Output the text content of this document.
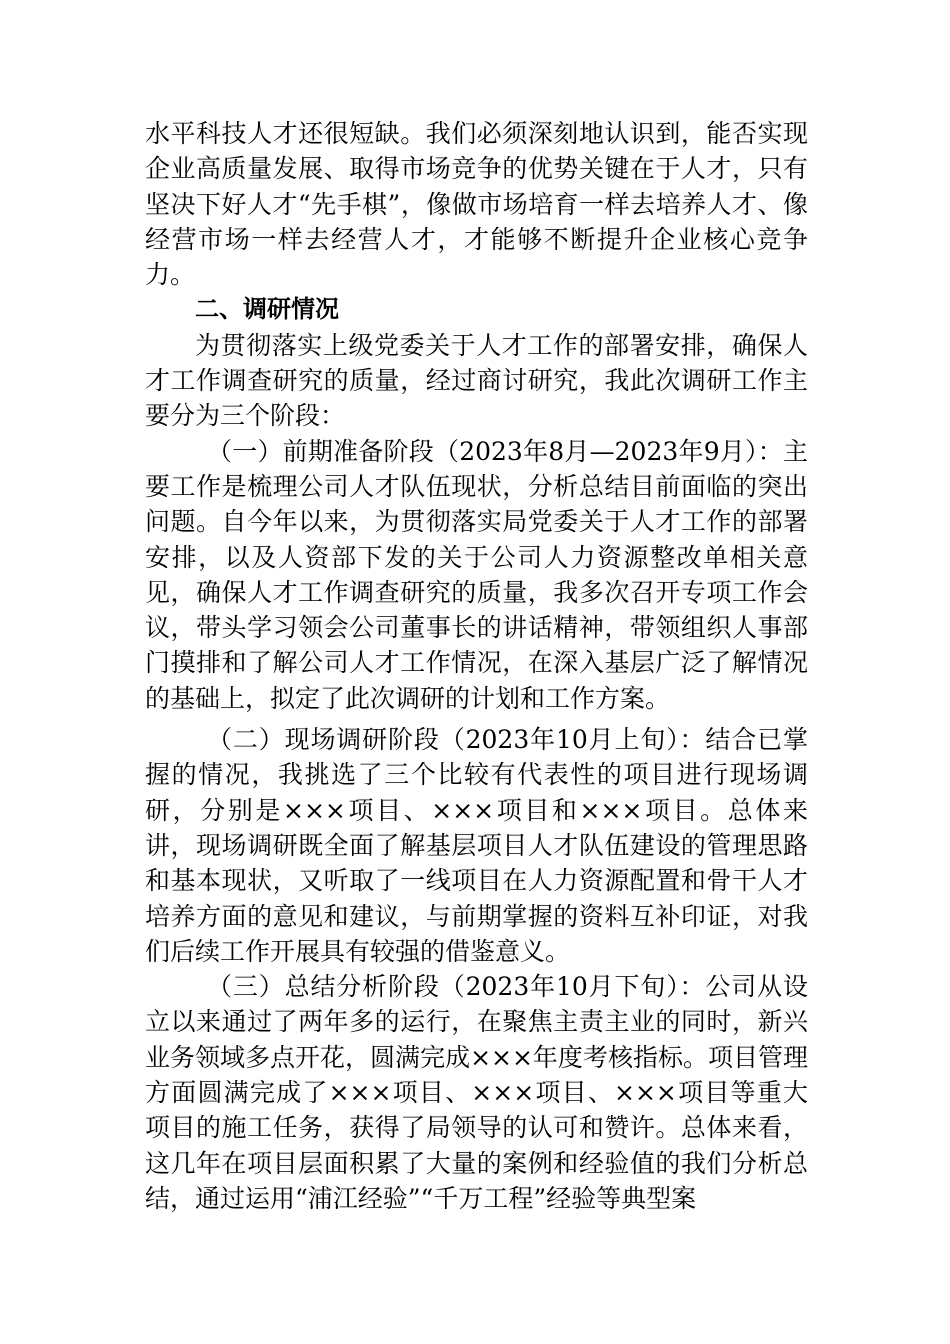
水平科技人才还很短缺。我们必须深刻地认识到，能否实现企业高质量发展、取得市场竞争的优势关键在于人才，只有坚决下好人才“先手棋”，像做市场培育一样去培养人才、像经营市场一样去经营人才，才能够不断提升企业核心竞争力。

二、调研情况

为贯彻落实上级党委关于人才工作的部署安排，确保人才工作调查研究的质量，经过商讨研究，我此次调研工作主要分为三个阶段：

（一）前期准备阶段（2023年8月—2023年9月）：主要工作是梳理公司人才队伍现状，分析总结目前面临的突出问题。自今年以来，为贯彻落实局党委关于人才工作的部署安排，以及人资部下发的关于公司人力资源整改单相关意见，确保人才工作调查研究的质量，我多次召开专项工作会议，带头学习领会公司董事长的讲话精神，带领组织人事部门摸排和了解公司人才工作情况，在深入基层广泛了解情况的基础上，拟定了此次调研的计划和工作方案。

（二）现场调研阶段（2023年10月上旬）：结合已掌握的情况，我挑选了三个比较有代表性的项目进行现场调研，分别是×××项目、×××项目和×××项目。总体来讲，现场调研既全面了解基层项目人才队伍建设的管理思路和基本现状，又听取了一线项目在人力资源配置和骨干人才培养方面的意见和建议，与前期掌握的资料互补印证，对我们后续工作开展具有较强的借鉴意义。

（三）总结分析阶段（2023年10月下旬）：公司从设立以来通过了两年多的运行，在聚焦主责主业的同时，新兴业务领域多点开花，圆满完成×××年度考核指标。项目管理方面圆满完成了×××项目、×××项目、×××项目等重大项目的施工任务，获得了局领导的认可和赞许。总体来看，这几年在项目层面积累了大量的案例和经验值的我们分析总结，通过运用“浦江经验”“千万工程”经验等典型案
